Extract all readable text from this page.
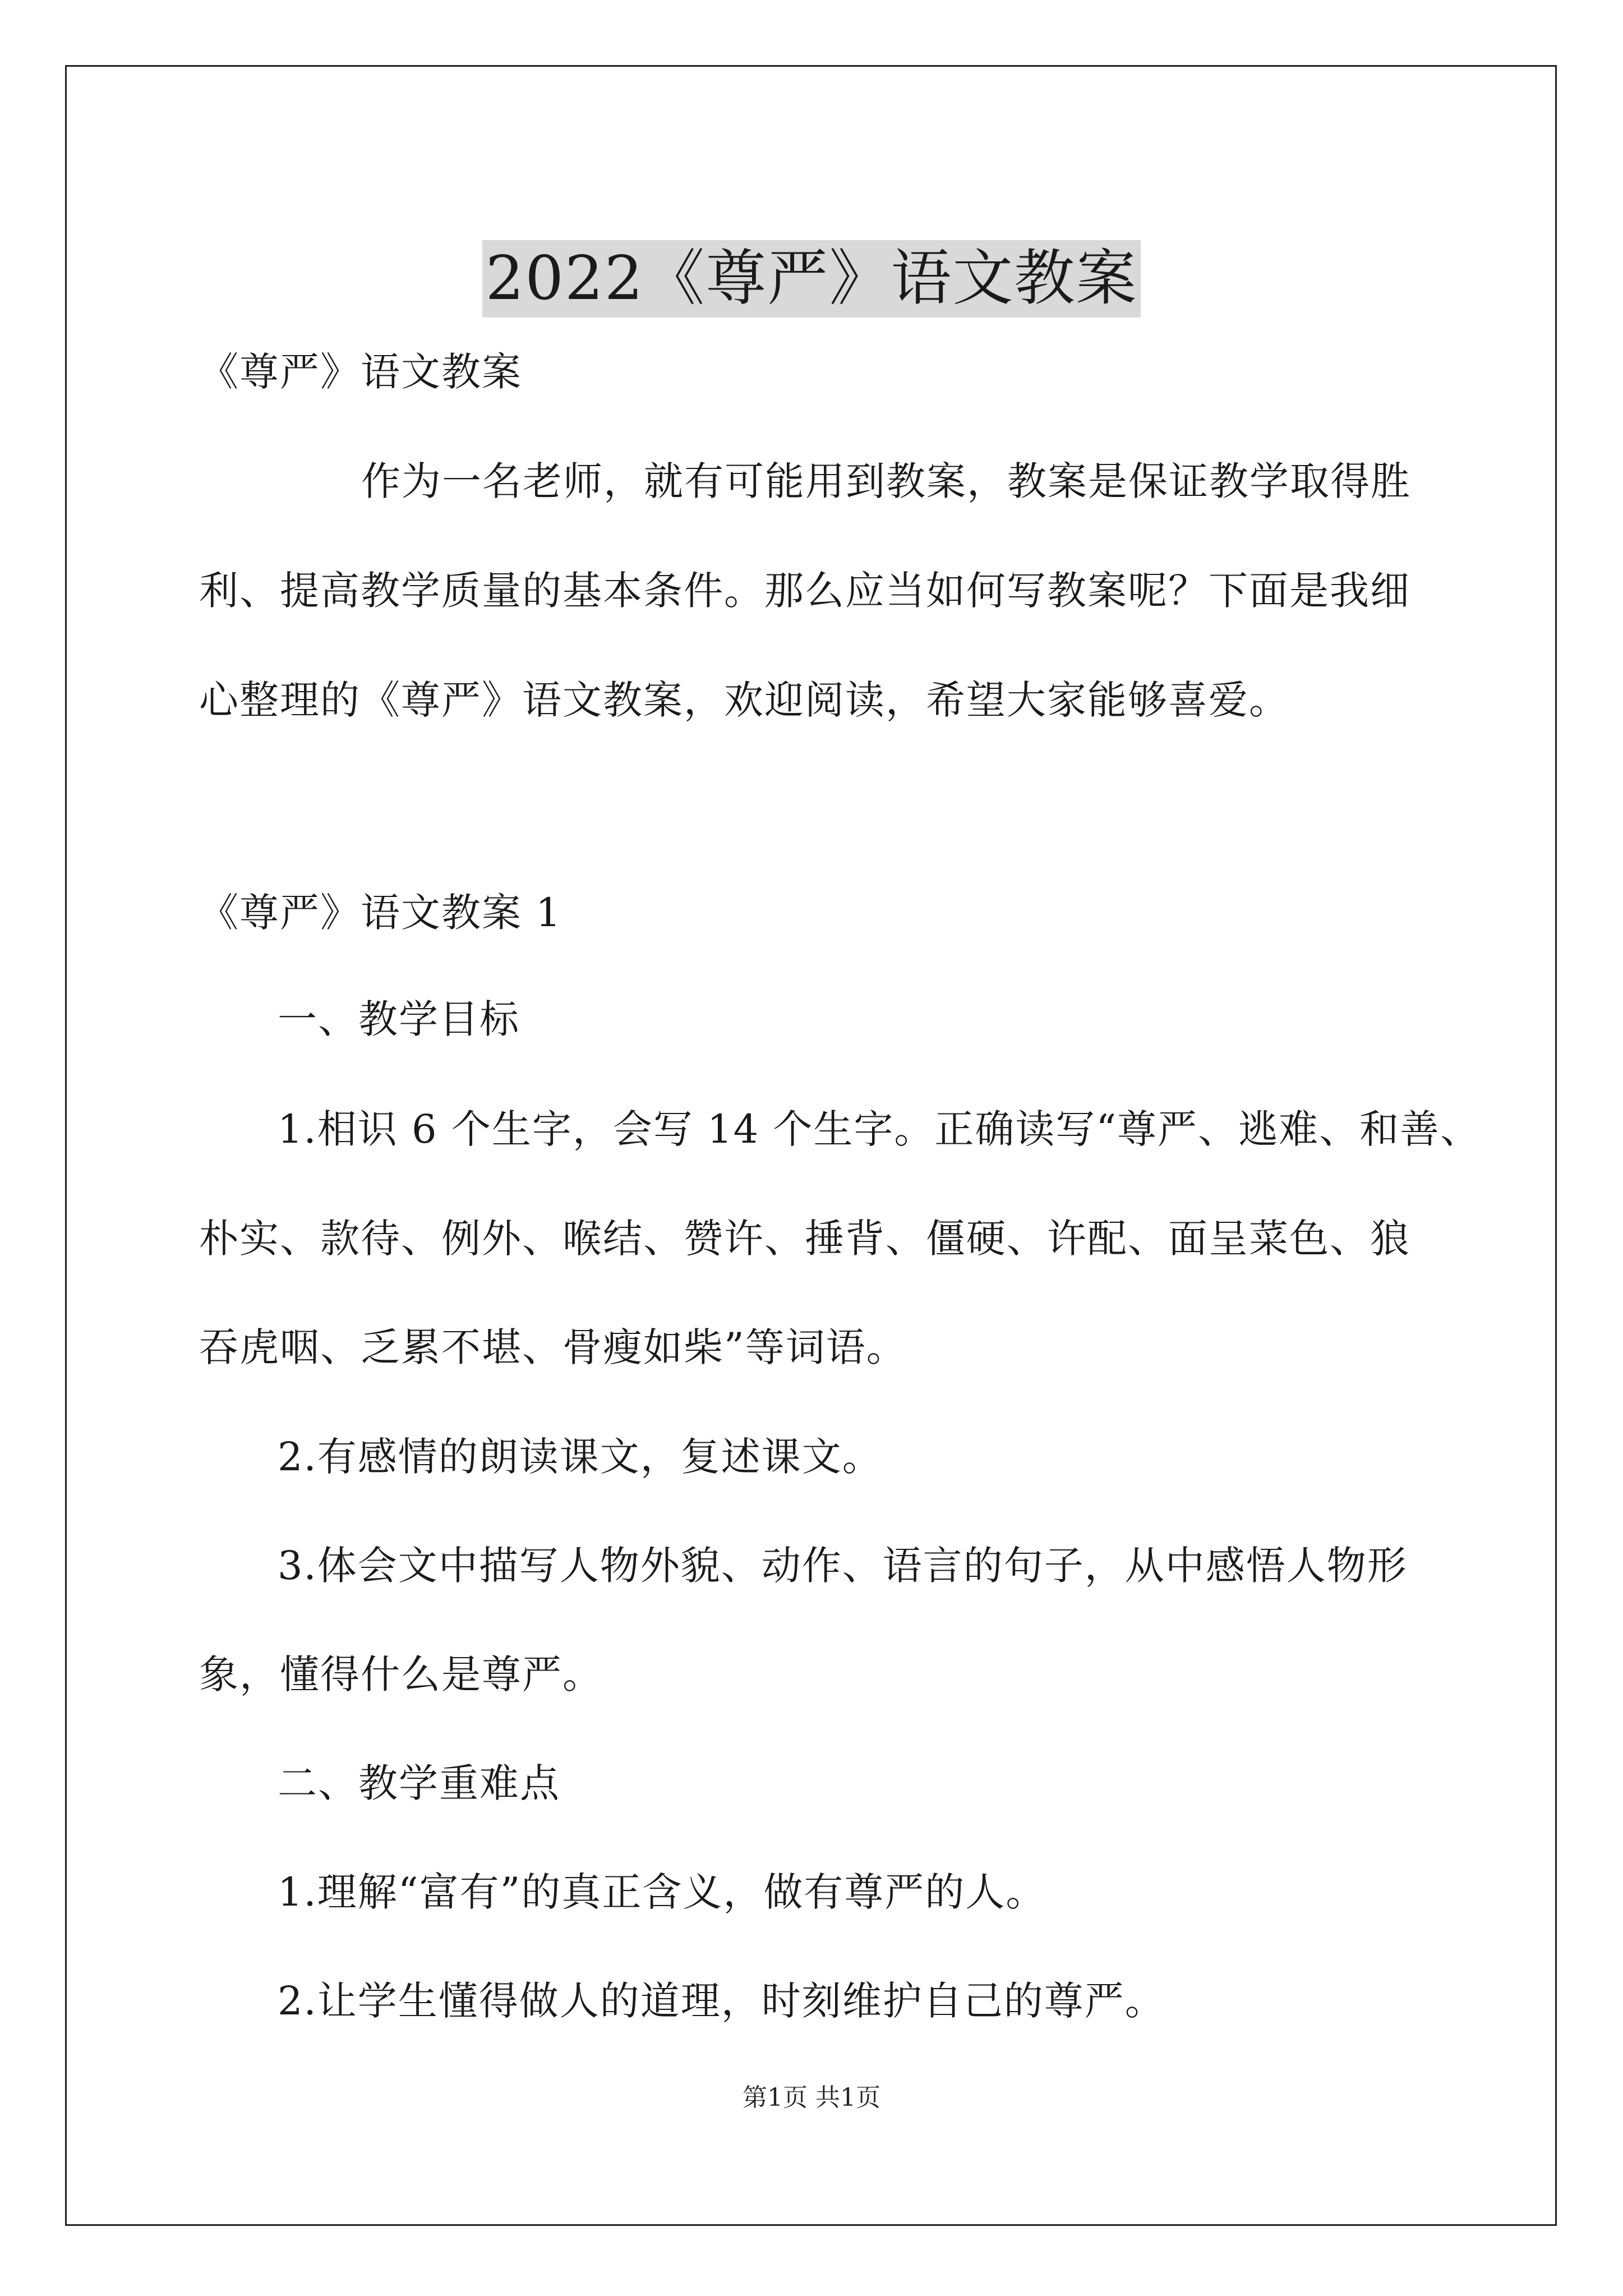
2022《尊严》语文教案
《尊严》语文教案
作为一名老师，就有可能用到教案，教案是保证教学取得胜
利、提高教学质量的基本条件。那么应当如何写教案呢？下面是我细
心整理的《尊严》语文教案，欢迎阅读，希望大家能够喜爱。
《尊严》语文教案 1
一、教学目标
1.相识 6 个生字，会写 14 个生字。正确读写“尊严、逃难、和善、
朴实、款待、例外、喉结、赞许、捶背、僵硬、许配、面呈菜色、狼
吞虎咽、乏累不堪、骨瘦如柴”等词语。
2.有感情的朗读课文，复述课文。
3.体会文中描写人物外貌、动作、语言的句子，从中感悟人物形
象，懂得什么是尊严。
二、教学重难点
1.理解“富有”的真正含义，做有尊严的人。
2.让学生懂得做人的道理，时刻维护自己的尊严。
第1页 共1页
